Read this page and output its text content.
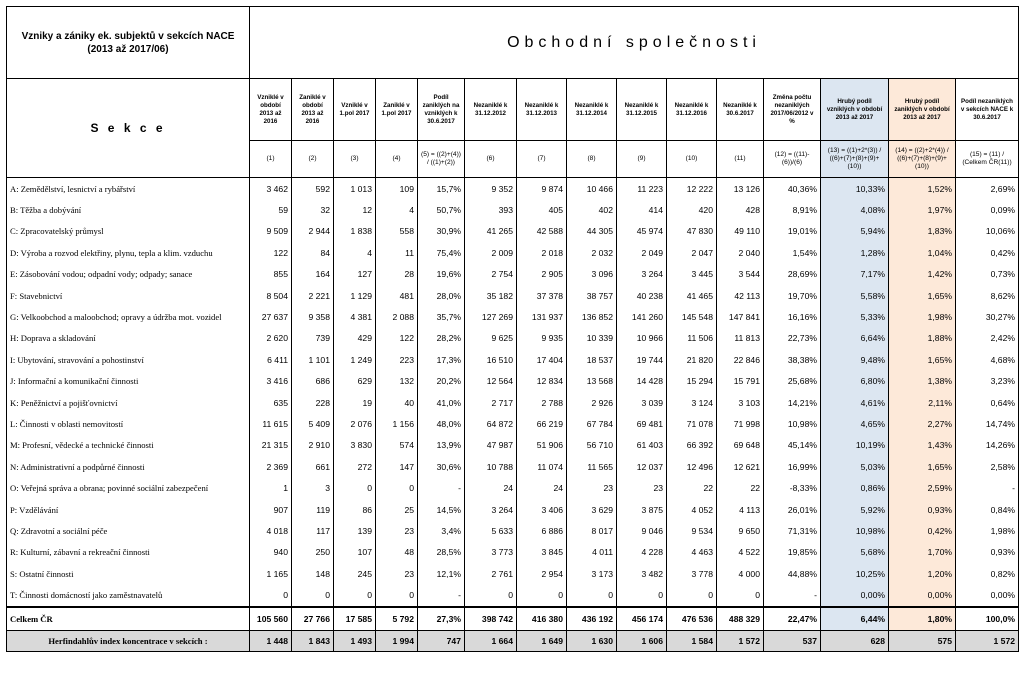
Vzniky a zániky ek. subjektů v sekcích NACE (2013 až 2017/06)	Obchodní společnosti														
S e k c e	Vzniklé v období 2013 až 2016	Zaniklé v období 2013 až 2016	Vzniklé v 1.pol 2017	Zaniklé v 1.pol 2017	Podíl zaniklých na vzniklých k 30.6.2017	Nezaniklé k 31.12.2012	Nezaniklé k 31.12.2013	Nezaniklé k 31.12.2014	Nezaniklé k 31.12.2015	Nezaniklé k 31.12.2016	Nezaniklé k 30.6.2017	Změna počtu nezaniklých 2017/06/2012 v %	Hrubý podíl vzniklých v období 2013 až 2017	Hrubý podíl zaniklých v období 2013 až 2017	Podíl nezaniklých v sekcích NACE k 30.6.2017
	(1)	(2)	(3)	(4)	(5) = ((2)+(4)) / ((1)+(2))	(6)	(7)	(8)	(9)	(10)	(11)	(12) = ((11)-(6))/(6)	(13) = ((1)+2*(3)) / ((6)+(7)+(8)+(9)+(10))	(14) = ((2)+2*(4)) / ((6)+(7)+(8)+(9)+(10))	(15) = (11) / (Celkem ČR(11))
A: Zemědělství, lesnictví a rybářství	3 462	592	1 013	109	15,7%	9 352	9 874	10 466	11 223	12 222	13 126	40,36%	10,33%	1,52%	2,69%
B: Těžba a dobývání	59	32	12	4	50,7%	393	405	402	414	420	428	8,91%	4,08%	1,97%	0,09%
C: Zpracovatelský průmysl	9 509	2 944	1 838	558	30,9%	41 265	42 588	44 305	45 974	47 830	49 110	19,01%	5,94%	1,83%	10,06%
D: Výroba a rozvod elektřiny, plynu, tepla a klim. vzduchu	122	84	4	11	75,4%	2 009	2 018	2 032	2 049	2 047	2 040	1,54%	1,28%	1,04%	0,42%
E: Zásobování vodou; odpadní vody; odpady; sanace	855	164	127	28	19,6%	2 754	2 905	3 096	3 264	3 445	3 544	28,69%	7,17%	1,42%	0,73%
F: Stavebnictví	8 504	2 221	1 129	481	28,0%	35 182	37 378	38 757	40 238	41 465	42 113	19,70%	5,58%	1,65%	8,62%
G: Velkoobchod a maloobchod; opravy a údržba mot. vozidel	27 637	9 358	4 381	2 088	35,7%	127 269	131 937	136 852	141 260	145 548	147 841	16,16%	5,33%	1,98%	30,27%
H: Doprava a skladování	2 620	739	429	122	28,2%	9 625	9 935	10 339	10 966	11 506	11 813	22,73%	6,64%	1,88%	2,42%
I: Ubytování, stravování a pohostinství	6 411	1 101	1 249	223	17,3%	16 510	17 404	18 537	19 744	21 820	22 846	38,38%	9,48%	1,65%	4,68%
J: Informační a komunikační činnosti	3 416	686	629	132	20,2%	12 564	12 834	13 568	14 428	15 294	15 791	25,68%	6,80%	1,38%	3,23%
K: Peněžnictví a pojišťovnictví	635	228	19	40	41,0%	2 717	2 788	2 926	3 039	3 124	3 103	14,21%	4,61%	2,11%	0,64%
L: Činnosti v oblasti nemovitostí	11 615	5 409	2 076	1 156	48,0%	64 872	66 219	67 784	69 481	71 078	71 998	10,98%	4,65%	2,27%	14,74%
M: Profesní, vědecké a technické činnosti	21 315	2 910	3 830	574	13,9%	47 987	51 906	56 710	61 403	66 392	69 648	45,14%	10,19%	1,43%	14,26%
N: Administrativní a podpůrné činnosti	2 369	661	272	147	30,6%	10 788	11 074	11 565	12 037	12 496	12 621	16,99%	5,03%	1,65%	2,58%
O: Veřejná správa a obrana; povinné sociální zabezpečení	1	3	0	0	-	24	24	23	23	22	22	-8,33%	0,86%	2,59%	-
P: Vzdělávání	907	119	86	25	14,5%	3 264	3 406	3 629	3 875	4 052	4 113	26,01%	5,92%	0,93%	0,84%
Q: Zdravotní a sociální péče	4 018	117	139	23	3,4%	5 633	6 886	8 017	9 046	9 534	9 650	71,31%	10,98%	0,42%	1,98%
R: Kulturní, zábavní a rekreační činnosti	940	250	107	48	28,5%	3 773	3 845	4 011	4 228	4 463	4 522	19,85%	5,68%	1,70%	0,93%
S: Ostatní činnosti	1 165	148	245	23	12,1%	2 761	2 954	3 173	3 482	3 778	4 000	44,88%	10,25%	1,20%	0,82%
T: Činnosti domácností jako zaměstnavatelů	0	0	0	0	-	0	0	0	0	0	0	-	0,00%	0,00%	0,00%
Celkem ČR	105 560	27 766	17 585	5 792	27,3%	398 742	416 380	436 192	456 174	476 536	488 329	22,47%	6,44%	1,80%	100,0%
Herfindahlův index koncentrace v sekcích :	1 448	1 843	1 493	1 994	747	1 664	1 649	1 630	1 606	1 584	1 572	537	628	575	1 572
